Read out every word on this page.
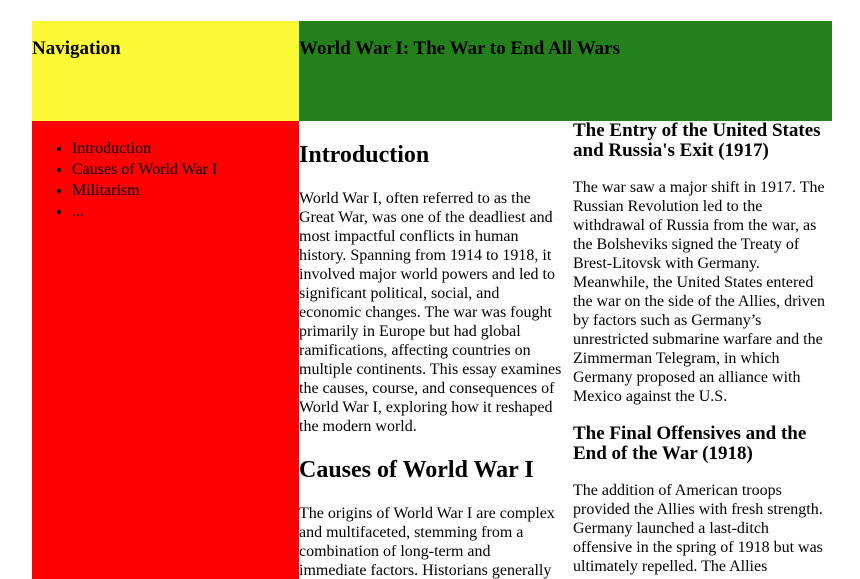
Navigation	World War I: The War to End All Wars
• Introduction
• Causes of World War I
• Militarism
• ...
Introduction

World War I, often referred to as the Great War, was one of the deadliest and most impactful conflicts in human history. Spanning from 1914 to 1918, it involved major world powers and led to significant political, social, and economic changes. The war was fought primarily in Europe but had global ramifications, affecting countries on multiple continents. This essay examines the causes, course, and consequences of World War I, exploring how it reshaped the modern world.

Causes of World War I

The origins of World War I are complex and multifaceted, stemming from a combination of long-term and immediate factors. Historians generally

The Entry of the United States and Russia's Exit (1917)

The war saw a major shift in 1917. The Russian Revolution led to the withdrawal of Russia from the war, as the Bolsheviks signed the Treaty of Brest-Litovsk with Germany. Meanwhile, the United States entered the war on the side of the Allies, driven by factors such as Germany’s unrestricted submarine warfare and the Zimmerman Telegram, in which Germany proposed an alliance with Mexico against the U.S.

The Final Offensives and the End of the War (1918)

The addition of American troops provided the Allies with fresh strength. Germany launched a last-ditch offensive in the spring of 1918 but was ultimately repelled. The Allies
